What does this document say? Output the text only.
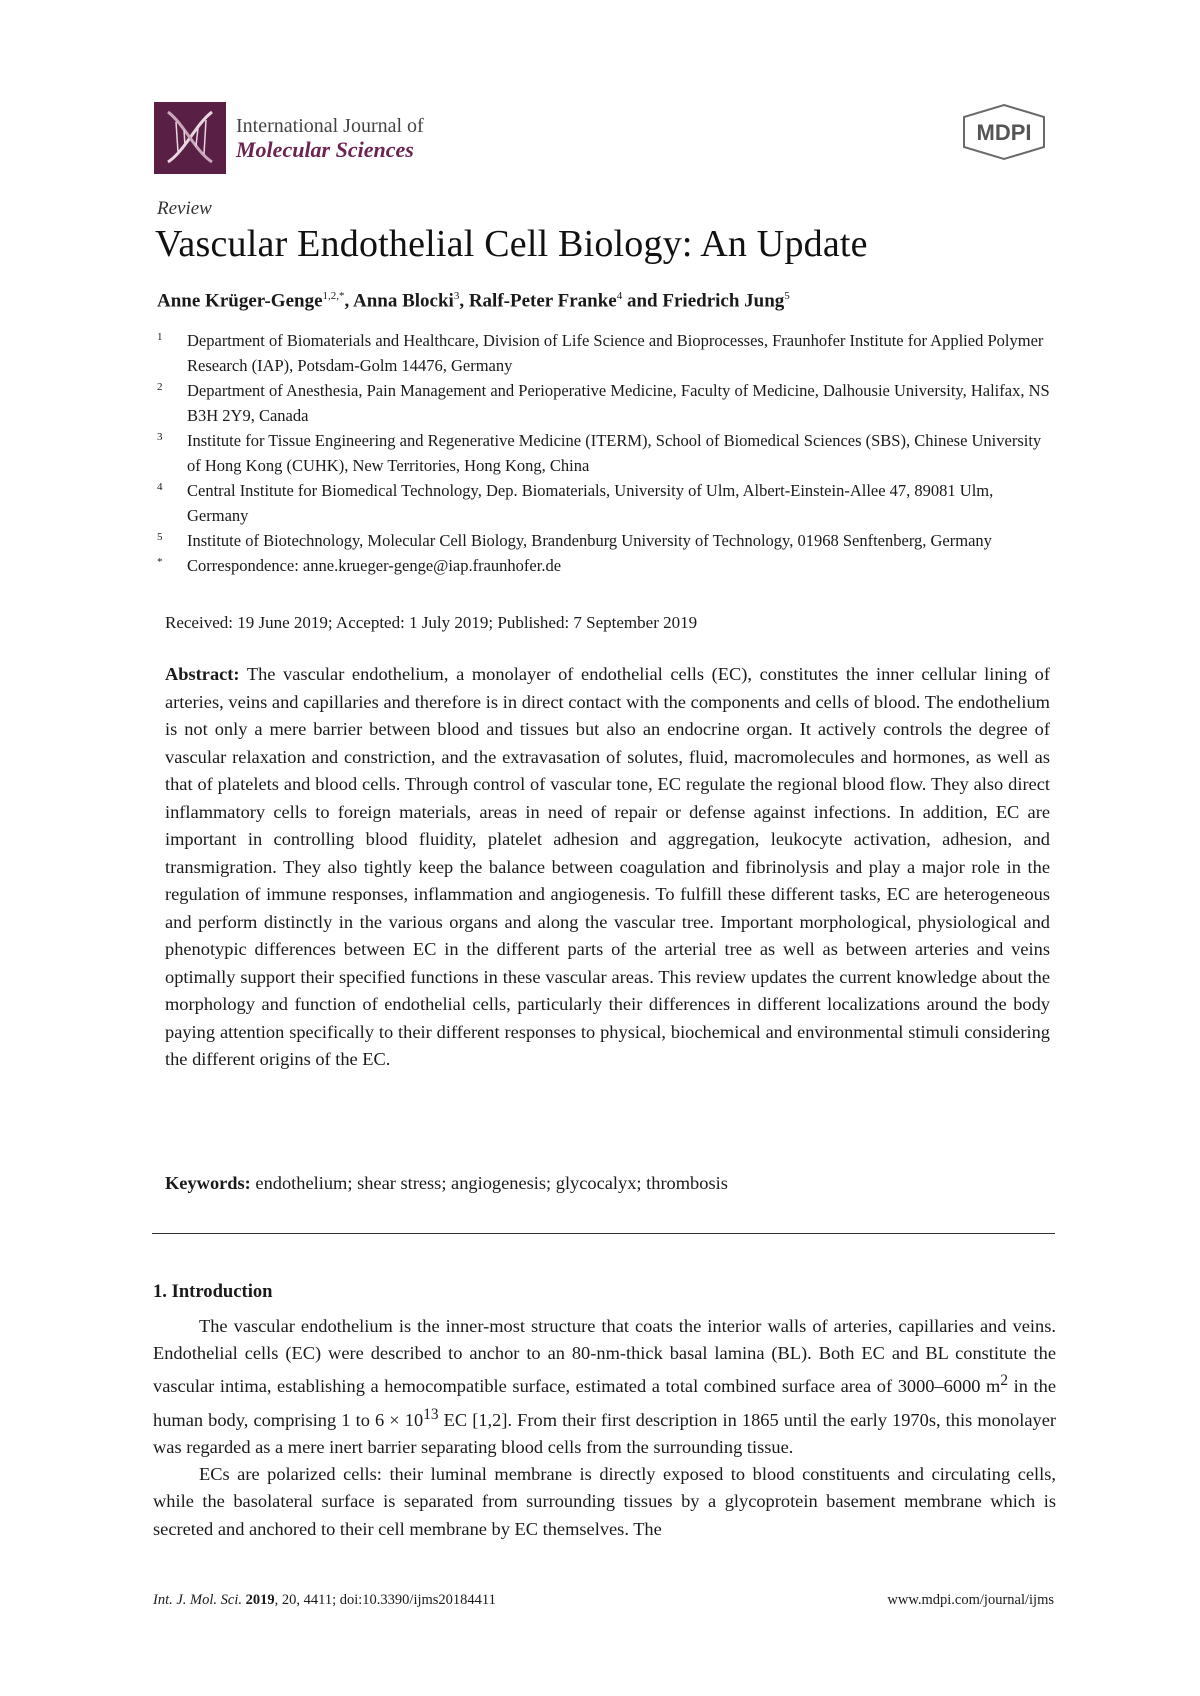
International Journal of
Molecular Sciences
MDPI
Review
Vascular Endothelial Cell Biology: An Update
Anne Krüger-Genge$^{1,2,*}$, Anna Blocki$^3$, Ralf-Peter Franke$^4$ and Friedrich Jung$^5$
1	Department of Biomaterials and Healthcare, Division of Life Science and Bioprocesses, Fraunhofer Institute for Applied Polymer Research (IAP), Potsdam-Golm 14476, Germany
2	Department of Anesthesia, Pain Management and Perioperative Medicine, Faculty of Medicine, Dalhousie University, Halifax, NS B3H 2Y9, Canada
3	Institute for Tissue Engineering and Regenerative Medicine (ITERM), School of Biomedical Sciences (SBS), Chinese University of Hong Kong (CUHK), New Territories, Hong Kong, China
4	Central Institute for Biomedical Technology, Dep. Biomaterials, University of Ulm, Albert-Einstein-Allee 47, 89081 Ulm, Germany
5	Institute of Biotechnology, Molecular Cell Biology, Brandenburg University of Technology, 01968 Senftenberg, Germany
*	Correspondence: anne.krueger-genge@iap.fraunhofer.de
Received: 19 June 2019; Accepted: 1 July 2019; Published: 7 September 2019
Abstract: The vascular endothelium, a monolayer of endothelial cells (EC), constitutes the inner cellular lining of arteries, veins and capillaries and therefore is in direct contact with the components and cells of blood. The endothelium is not only a mere barrier between blood and tissues but also an endocrine organ. It actively controls the degree of vascular relaxation and constriction, and the extravasation of solutes, fluid, macromolecules and hormones, as well as that of platelets and blood cells. Through control of vascular tone, EC regulate the regional blood flow. They also direct inflammatory cells to foreign materials, areas in need of repair or defense against infections. In addition, EC are important in controlling blood fluidity, platelet adhesion and aggregation, leukocyte activation, adhesion, and transmigration. They also tightly keep the balance between coagulation and fibrinolysis and play a major role in the regulation of immune responses, inflammation and angiogenesis. To fulfill these different tasks, EC are heterogeneous and perform distinctly in the various organs and along the vascular tree. Important morphological, physiological and phenotypic differences between EC in the different parts of the arterial tree as well as between arteries and veins optimally support their specified functions in these vascular areas. This review updates the current knowledge about the morphology and function of endothelial cells, particularly their differences in different localizations around the body paying attention specifically to their different responses to physical, biochemical and environmental stimuli considering the different origins of the EC.
Keywords: endothelium; shear stress; angiogenesis; glycocalyx; thrombosis
1. Introduction

The vascular endothelium is the inner-most structure that coats the interior walls of arteries, capillaries and veins. Endothelial cells (EC) were described to anchor to an 80-nm-thick basal lamina (BL). Both EC and BL constitute the vascular intima, establishing a hemocompatible surface, estimated a total combined surface area of 3000–6000 $m^2$ in the human body, comprising 1 to $6 \times 10^{13}$ EC [1,2]. From their first description in 1865 until the early 1970s, this monolayer was regarded as a mere inert barrier separating blood cells from the surrounding tissue.

ECs are polarized cells: their luminal membrane is directly exposed to blood constituents and circulating cells, while the basolateral surface is separated from surrounding tissues by a glycoprotein basement membrane which is secreted and anchored to their cell membrane by EC themselves. The

Int. J. Mol. Sci. 2019, 20, 4411; doi:10.3390/ijms20184411	www.mdpi.com/journal/ijms
